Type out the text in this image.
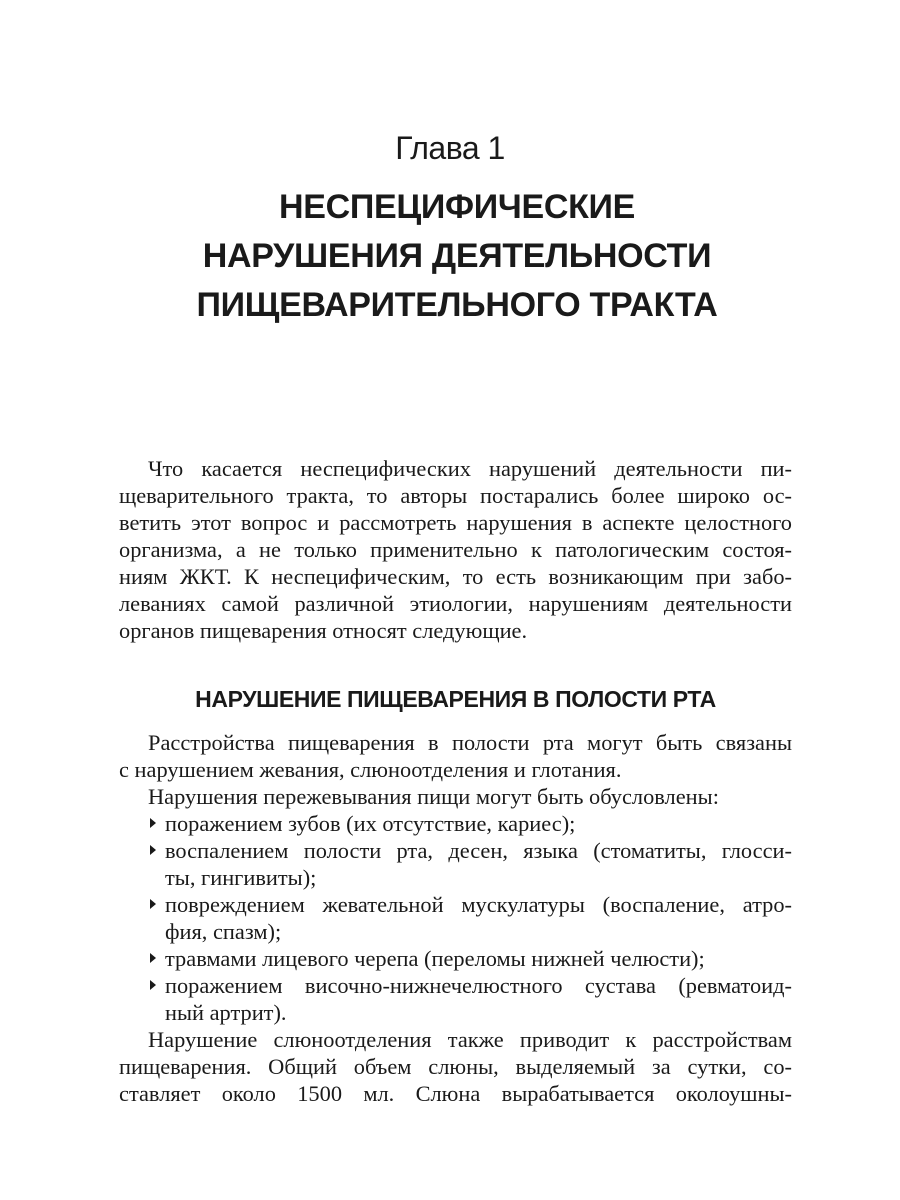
Глава 1
НЕСПЕЦИФИЧЕСКИЕ
НАРУШЕНИЯ ДЕЯТЕЛЬНОСТИ
ПИЩЕВАРИТЕЛЬНОГО ТРАКТА
Что касается неспецифических нарушений деятельности пи-
щеварительного тракта, то авторы постарались более широко ос-
ветить этот вопрос и рассмотреть нарушения в аспекте целостного
организма, а не только применительно к патологическим состоя-
ниям ЖКТ. К неспецифическим, то есть возникающим при забо-
леваниях самой различной этиологии, нарушениям деятельности
органов пищеварения относят следующие.
НАРУШЕНИЕ ПИЩЕВАРЕНИЯ В ПОЛОСТИ РТА
Расстройства пищеварения в полости рта могут быть связаны
с нарушением жевания, слюноотделения и глотания.
Нарушения пережевывания пищи могут быть обусловлены:
поражением зубов (их отсутствие, кариес);
воспалением полости рта, десен, языка (стоматиты, глосси-
ты, гингивиты);
повреждением жевательной мускулатуры (воспаление, атро-
фия, спазм);
травмами лицевого черепа (переломы нижней челюсти);
поражением височно-нижнечелюстного сустава (ревматоид-
ный артрит).
Нарушение слюноотделения также приводит к расстройствам
пищеварения. Общий объем слюны, выделяемый за сутки, со-
ставляет около 1500 мл. Слюна вырабатывается околоушны-
